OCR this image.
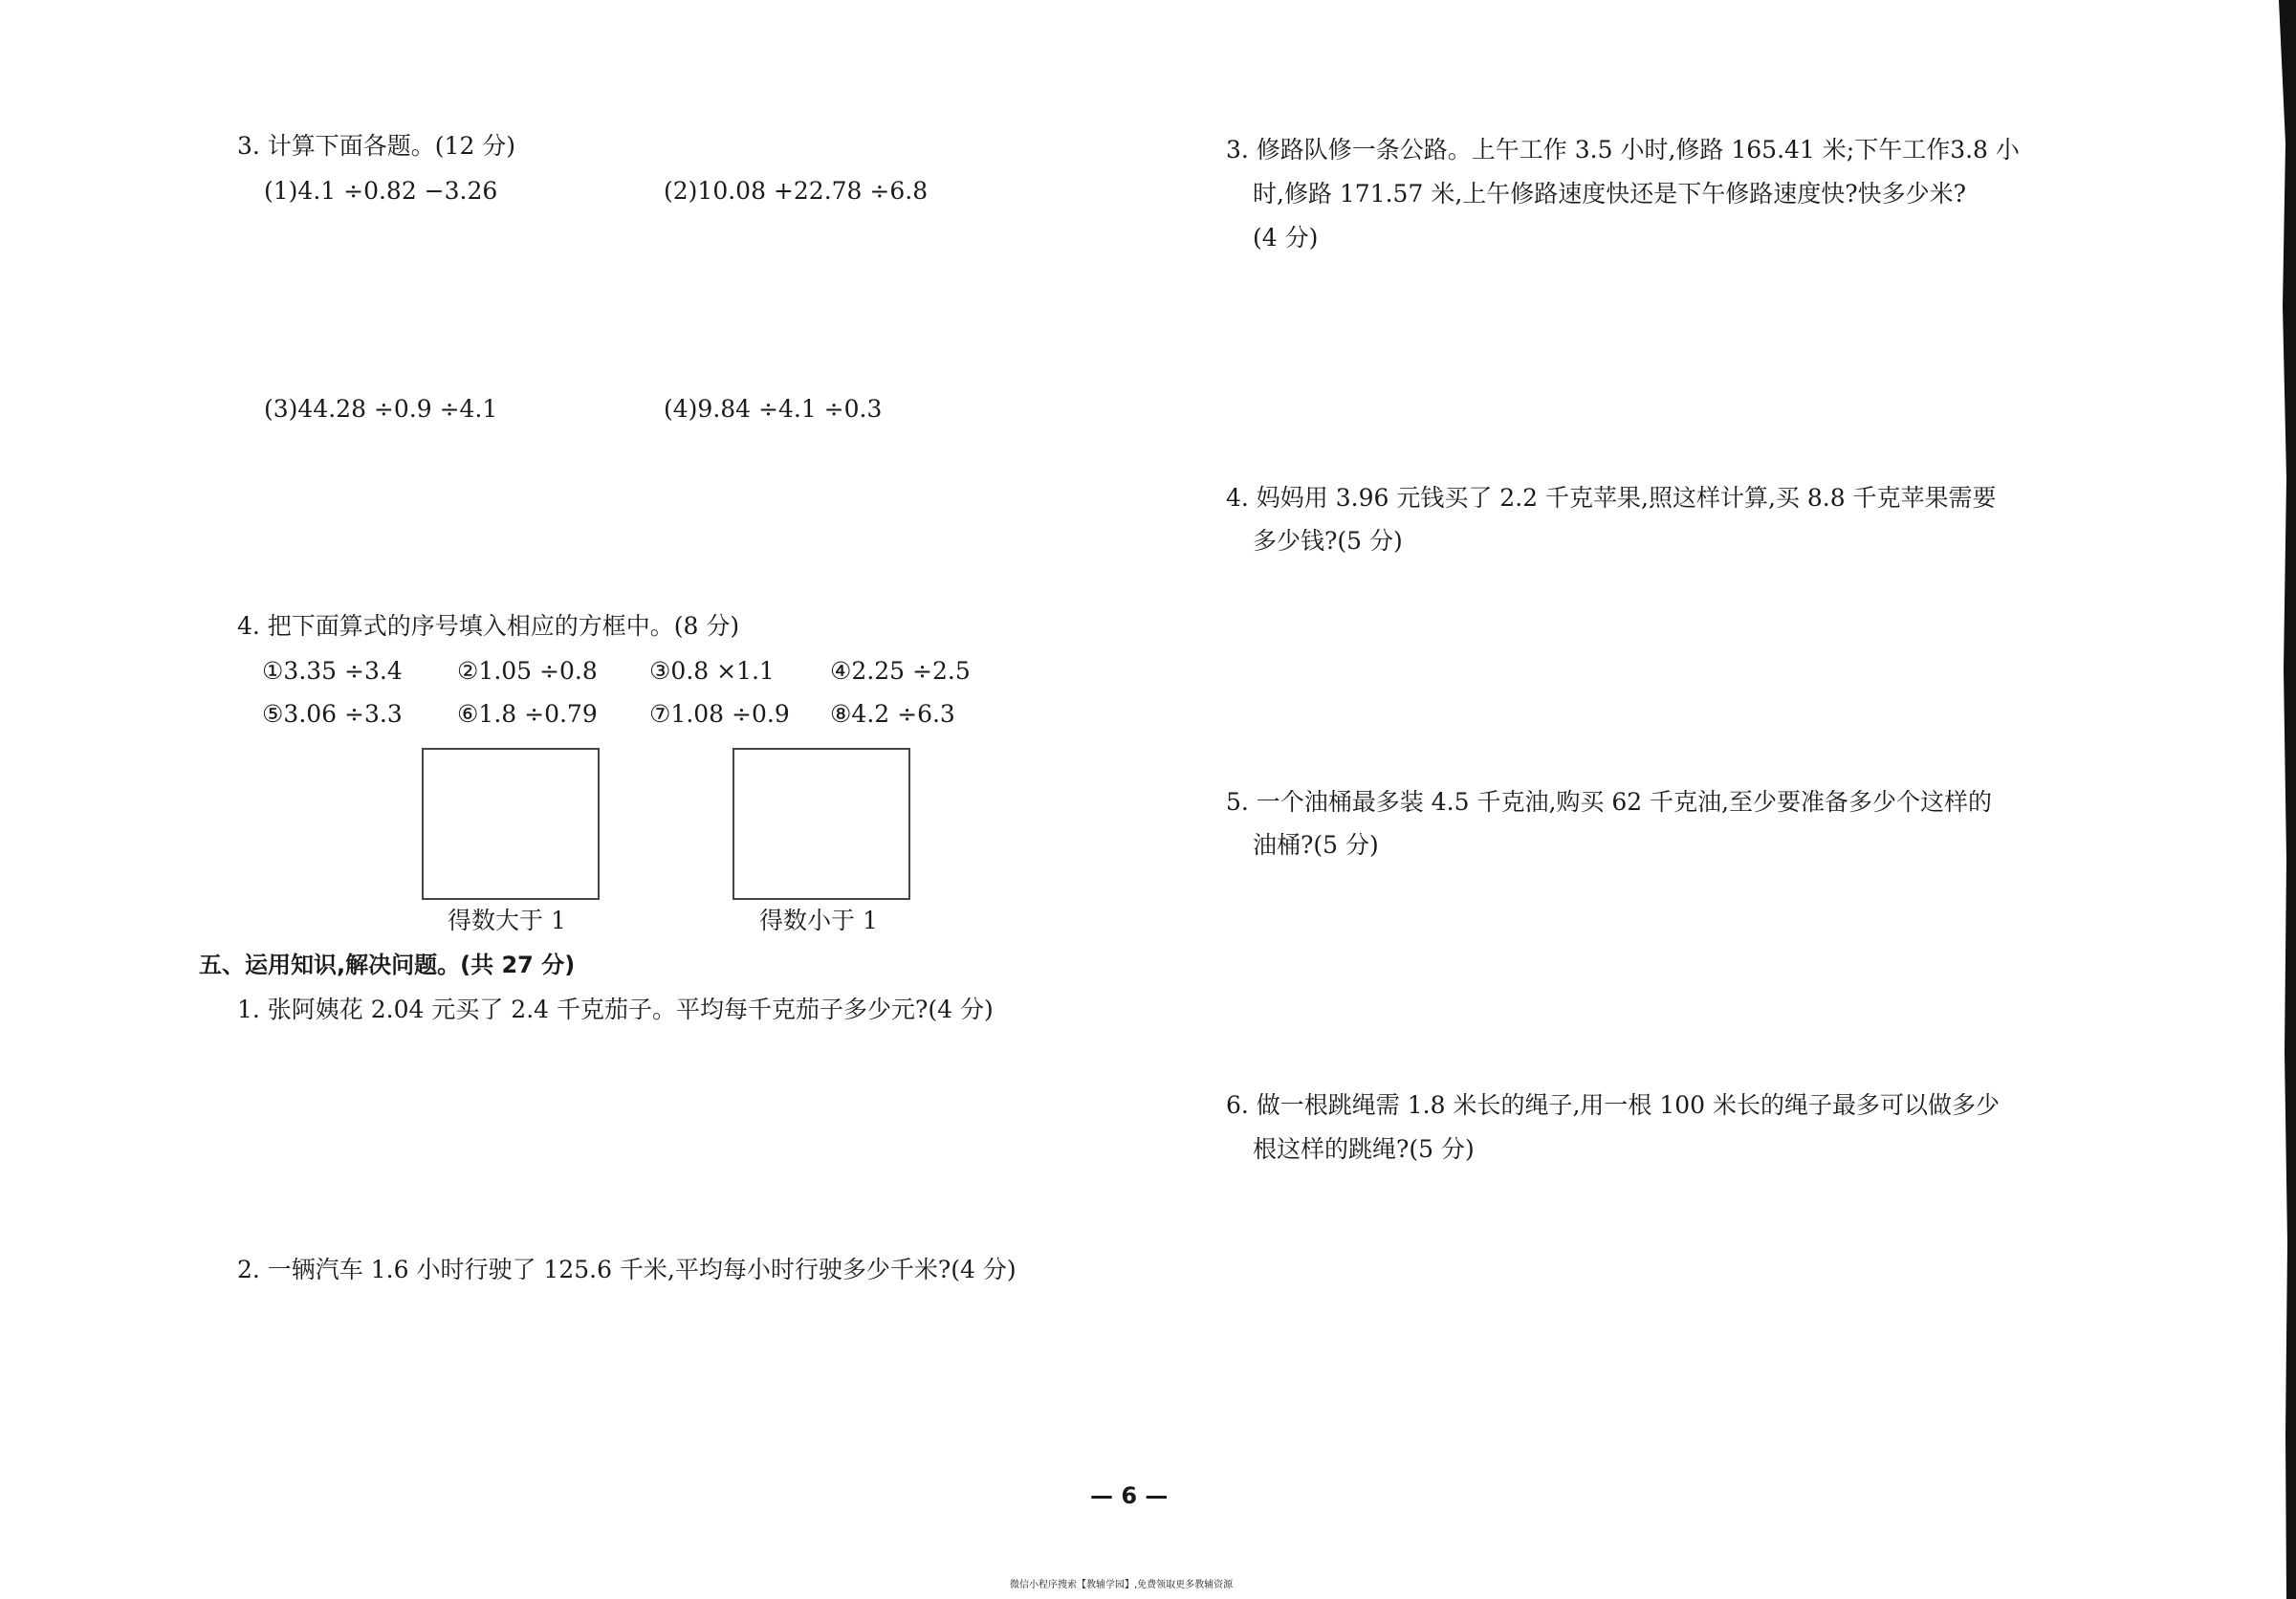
3. 计算下面各题。(12 分)
(1)4.1 ÷0.82 −3.26	(2)10.08 +22.78 ÷6.8
(3)44.28 ÷0.9 ÷4.1	(4)9.84 ÷4.1 ÷0.3
4. 把下面算式的序号填入相应的方框中。(8 分)
①3.35 ÷3.4 ②1.05 ÷0.8 ③0.8 ×1.1 ④2.25 ÷2.5
⑤3.06 ÷3.3 ⑥1.8 ÷0.79 ⑦1.08 ÷0.9 ⑧4.2 ÷6.3
得数大于 1	得数小于 1
五、运用知识,解决问题。(共 27 分)
1. 张阿姨花 2.04 元买了 2.4 千克茄子。平均每千克茄子多少元?(4 分)
2. 一辆汽车 1.6 小时行驶了 125.6 千米,平均每小时行驶多少千米?(4 分)
3. 修路队修一条公路。上午工作 3.5 小时,修路 165.41 米;下午工作3.8 小
时,修路 171.57 米,上午修路速度快还是下午修路速度快?快多少米?
(4 分)
4. 妈妈用 3.96 元钱买了 2.2 千克苹果,照这样计算,买 8.8 千克苹果需要
多少钱?(5 分)
5. 一个油桶最多装 4.5 千克油,购买 62 千克油,至少要准备多少个这样的
油桶?(5 分)
6. 做一根跳绳需 1.8 米长的绳子,用一根 100 米长的绳子最多可以做多少
根这样的跳绳?(5 分)
— 6 —
微信小程序搜索【教辅学园】,免费领取更多教辅资源
